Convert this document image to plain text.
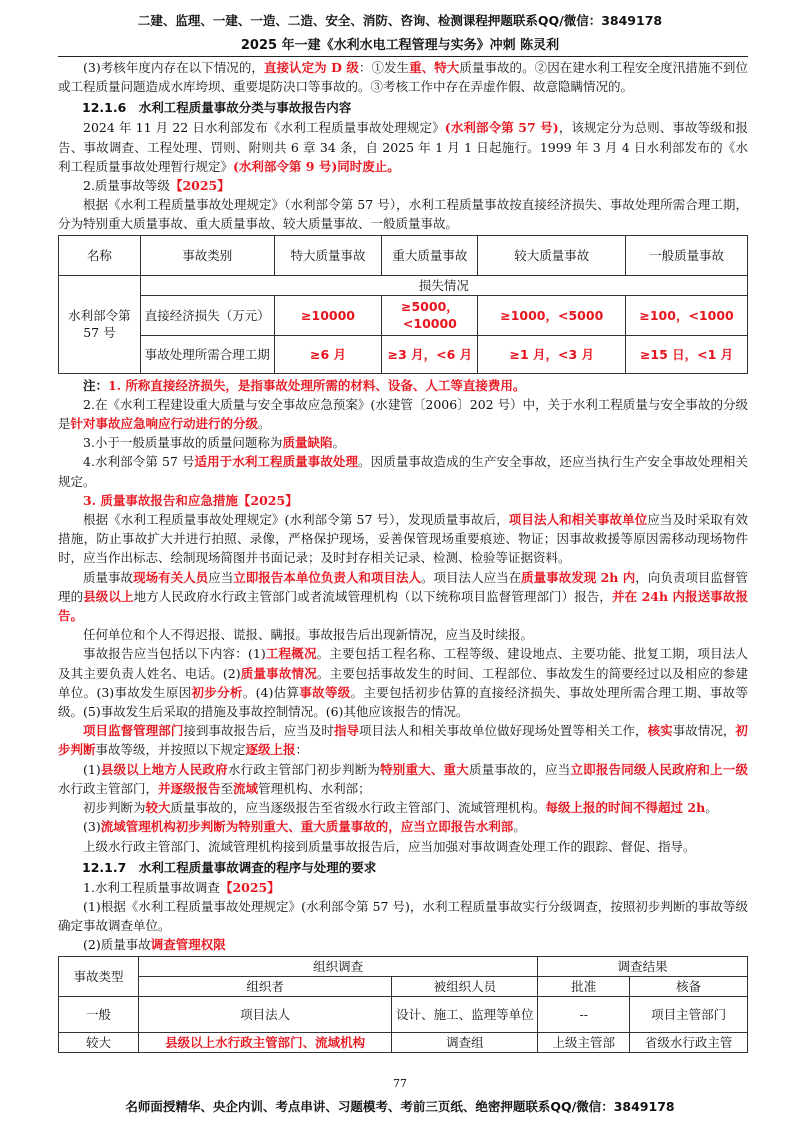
二建、监理、一建、一造、二造、安全、消防、咨询、检测课程押题联系QQ/微信：3849178
2025 年一建《水利水电工程管理与实务》冲刺 陈灵利
(3)考核年度内存在以下情况的，直接认定为 D 级：①发生重、特大质量事故的。②因在建水利工程安全度汛措施不到位或工程质量问题造成水库垮坝、重要堤防决口等事故的。③考核工作中存在弄虚作假、故意隐瞒情况的。
12.1.6　水利工程质量事故分类与事故报告内容
2024 年 11 月 22 日水利部发布《水利工程质量事故处理规定》(水利部令第 57 号)，该规定分为总则、事故等级和报告、事故调查、工程处理、罚则、附则共 6 章 34 条，自 2025 年 1 月 1 日起施行。1999 年 3 月 4 日水利部发布的《水利工程质量事故处理暂行规定》(水利部令第 9 号)同时废止。
2.质量事故等级【2025】
根据《水利工程质量事故处理规定》（水利部令第 57 号），水利工程质量事故按直接经济损失、事故处理所需合理工期，分为特别重大质量事故、重大质量事故、较大质量事故、一般质量事故。
名称	事故类别	特大质量事故	重大质量事故	较大质量事故	一般质量事故
水利部令第 57 号	损失情况				
	直接经济损失（万元）	≥10000	≥5000，<10000	≥1000，<5000	≥100，<1000
	事故处理所需合理工期	≥6 月	≥3 月，<6 月	≥1 月，<3 月	≥15 日，<1 月
注：1. 所称直接经济损失，是指事故处理所需的材料、设备、人工等直接费用。
2.在《水利工程建设重大质量与安全事故应急预案》(水建管〔2006〕202 号）中，关于水利工程质量与安全事故的分级是针对事故应急响应行动进行的分级。
3.小于一般质量事故的质量问题称为质量缺陷。
4.水利部令第 57 号适用于水利工程质量事故处理。因质量事故造成的生产安全事故，还应当执行生产安全事故处理相关规定。
3. 质量事故报告和应急措施【2025】
根据《水利工程质量事故处理规定》(水利部令第 57 号），发现质量事故后，项目法人和相关事故单位应当及时采取有效措施，防止事故扩大并进行拍照、录像，严格保护现场，妥善保管现场重要痕迹、物证；因事故救援等原因需移动现场物件时，应当作出标志、绘制现场简图并书面记录；及时封存相关记录、检测、检验等证据资料。
质量事故现场有关人员应当立即报告本单位负责人和项目法人。项目法人应当在质量事故发现 2h 内，向负责项目监督管理的县级以上地方人民政府水行政主管部门或者流域管理机构（以下统称项目监督管理部门）报告，并在 24h 内报送事故报告。
任何单位和个人不得迟报、谎报、瞒报。事故报告后出现新情况，应当及时续报。
事故报告应当包括以下内容：(1)工程概况。主要包括工程名称、工程等级、建设地点、主要功能、批复工期，项目法人及其主要负责人姓名、电话。(2)质量事故情况。主要包括事故发生的时间、工程部位、事故发生的简要经过以及相应的参建单位。(3)事故发生原因初步分析。(4)估算事故等级。主要包括初步估算的直接经济损失、事故处理所需合理工期、事故等级。(5)事故发生后采取的措施及事故控制情况。(6)其他应该报告的情况。
项目监督管理部门接到事故报告后，应当及时指导项目法人和相关事故单位做好现场处置等相关工作，核实事故情况，初步判断事故等级，并按照以下规定逐级上报：
(1)县级以上地方人民政府水行政主管部门初步判断为特别重大、重大质量事故的，应当立即报告同级人民政府和上一级水行政主管部门，并逐级报告至流域管理机构、水利部；
初步判断为较大质量事故的，应当逐级报告至省级水行政主管部门、流域管理机构。每级上报的时间不得超过 2h。
(3)流域管理机构初步判断为特别重大、重大质量事故的，应当立即报告水利部。
上级水行政主管部门、流域管理机构接到质量事故报告后，应当加强对事故调查处理工作的跟踪、督促、指导。
12.1.7　水利工程质量事故调查的程序与处理的要求
1.水利工程质量事故调查【2025】
(1)根据《水利工程质量事故处理规定》(水利部令第 57 号)，水利工程质量事故实行分级调查，按照初步判断的事故等级确定事故调查单位。
(2)质量事故调查管理权限
事故类型	组织调查		调查结果	
	组织者	被组织人员	批准	核备
一般	项目法人	设计、施工、监理等单位	--	项目主管部门
较大	县级以上水行政主管部门、流域机构	调查组	上级主管部	省级水行政主管
77
名师面授精华、央企内训、考点串讲、习题模考、考前三页纸、绝密押题联系QQ/微信：3849178
